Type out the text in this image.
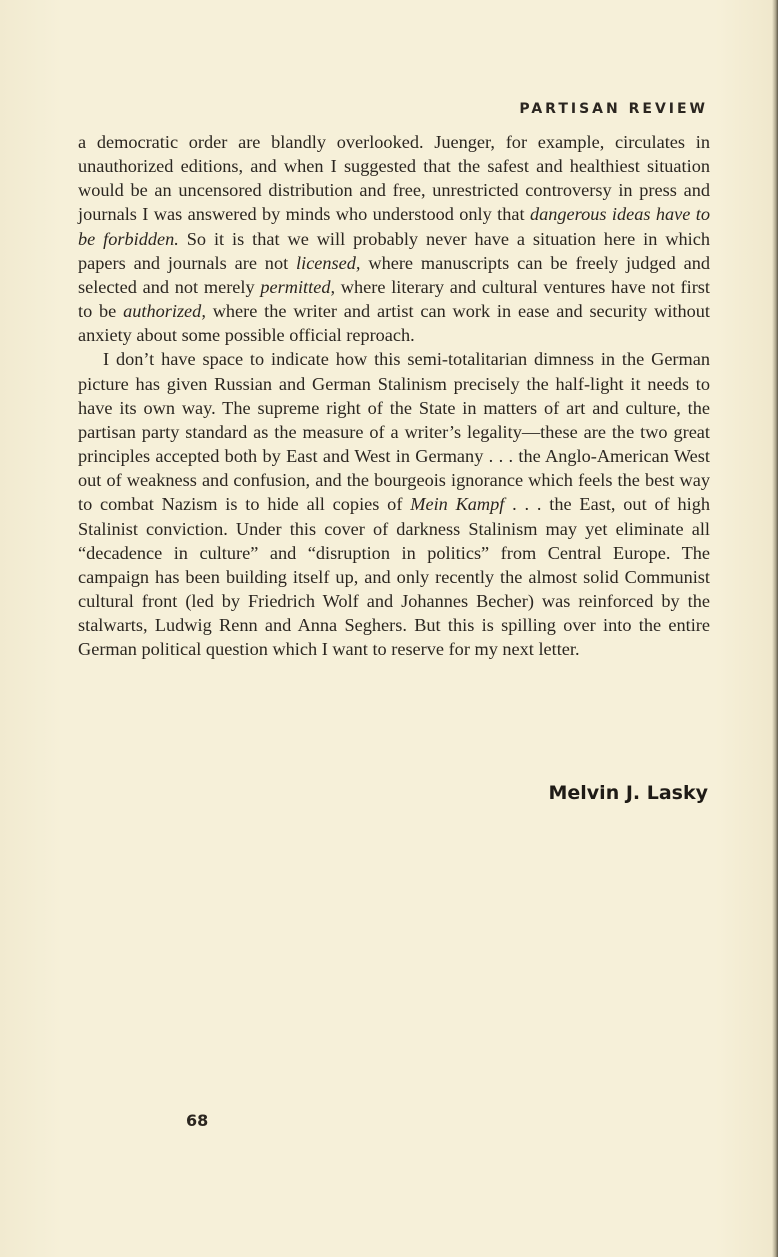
PARTISAN REVIEW

a democratic order are blandly overlooked. Juenger, for example, circulates in unauthorized editions, and when I suggested that the safest and healthiest situation would be an uncensored distribution and free, unrestricted controversy in press and journals I was answered by minds who understood only that dangerous ideas have to be forbidden. So it is that we will probably never have a situation here in which papers and journals are not licensed, where manuscripts can be freely judged and selected and not merely permitted, where literary and cultural ventures have not first to be authorized, where the writer and artist can work in ease and security without anxiety about some possible official reproach.

I don’t have space to indicate how this semi-totalitarian dimness in the German picture has given Russian and German Stalinism precisely the half-light it needs to have its own way. The supreme right of the State in matters of art and culture, the partisan party standard as the measure of a writer’s legality—these are the two great principles accepted both by East and West in Germany . . . the Anglo-American West out of weakness and confusion, and the bourgeois ignorance which feels the best way to combat Nazism is to hide all copies of Mein Kampf . . . the East, out of high Stalinist conviction. Under this cover of darkness Stalinism may yet eliminate all “decadence in culture” and “disruption in politics” from Central Europe. The campaign has been building itself up, and only recently the almost solid Communist cultural front (led by Friedrich Wolf and Johannes Becher) was reinforced by the stalwarts, Ludwig Renn and Anna Seghers. But this is spilling over into the entire German political question which I want to reserve for my next letter.

Melvin J. Lasky
68
